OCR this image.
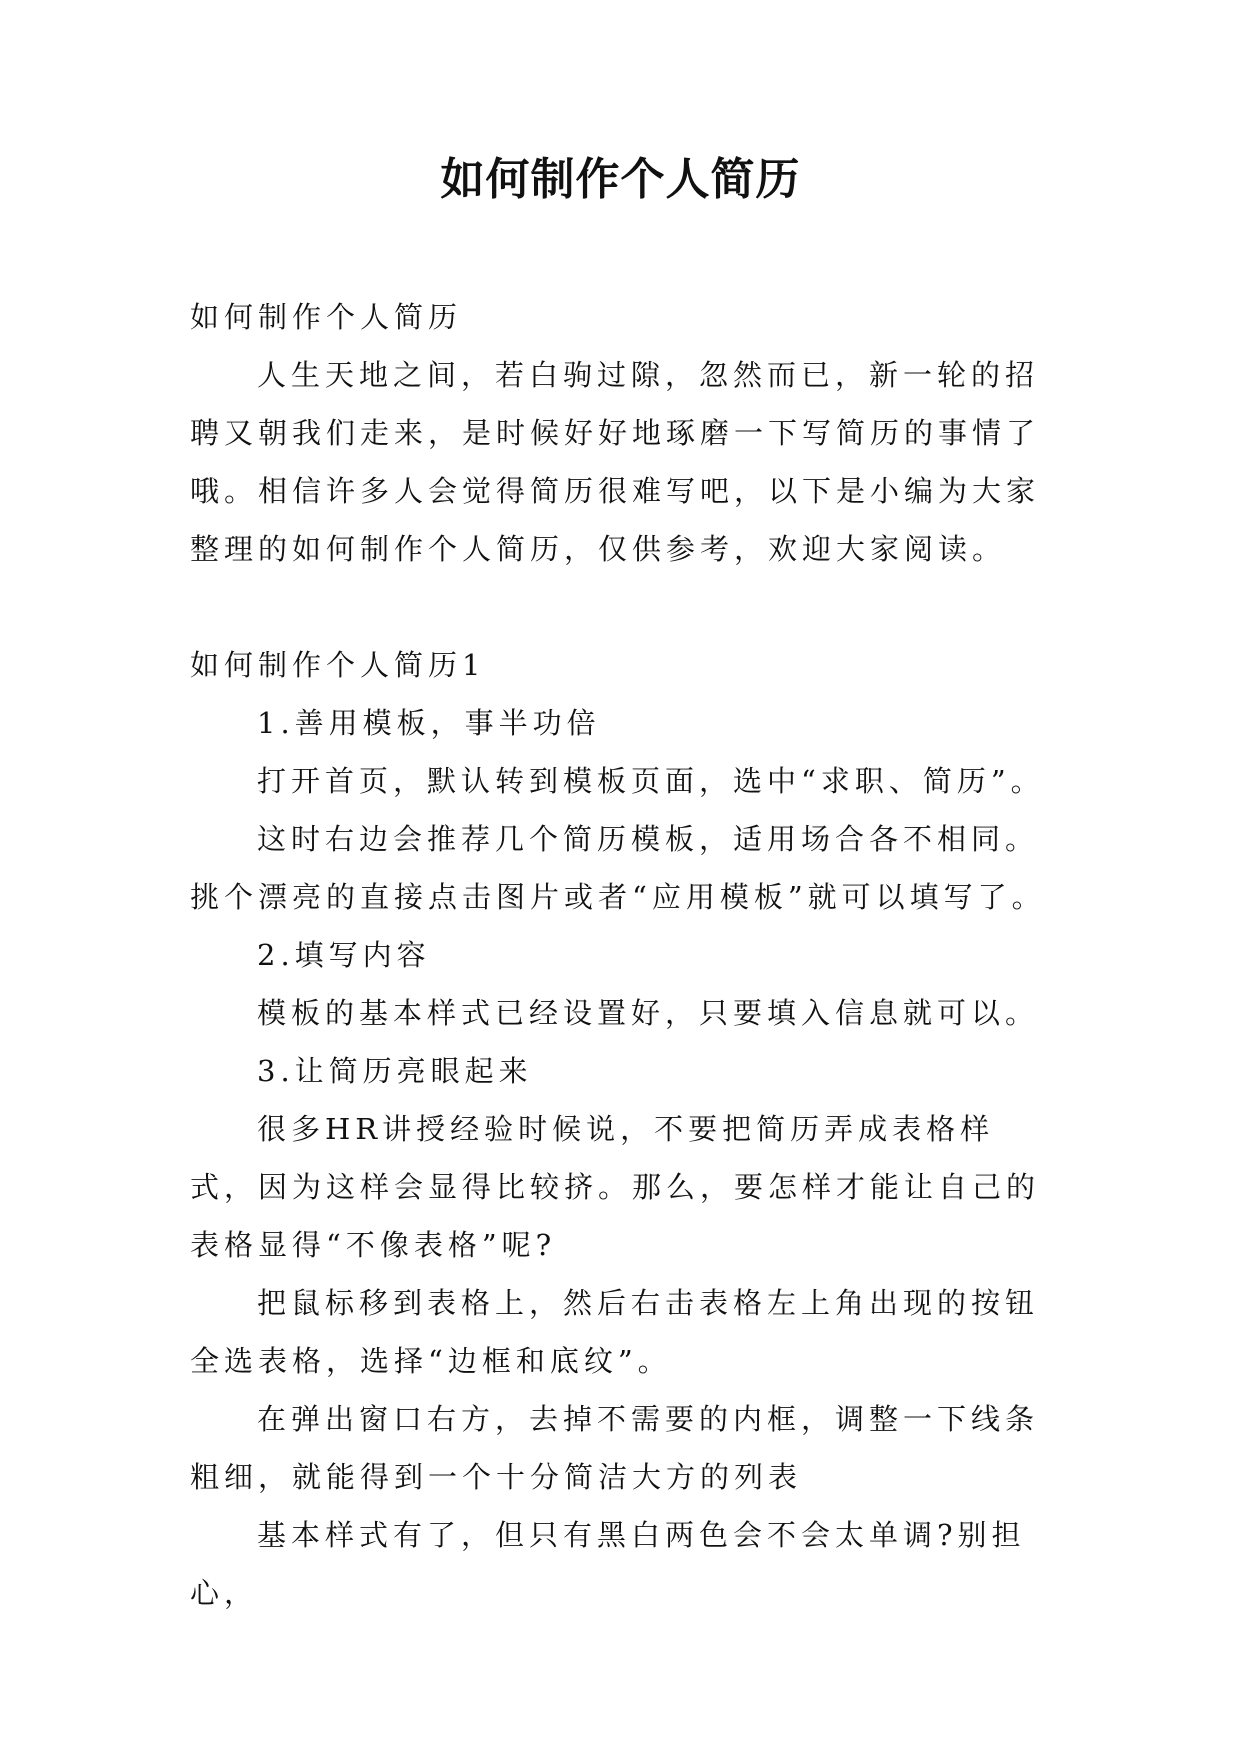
如何制作个人简历

如何制作个人简历

人生天地之间，若白驹过隙，忽然而已，新一轮的招聘又朝我们走来，是时候好好地琢磨一下写简历的事情了哦。相信许多人会觉得简历很难写吧，以下是小编为大家整理的如何制作个人简历，仅供参考，欢迎大家阅读。

如何制作个人简历1

1.善用模板，事半功倍

打开首页，默认转到模板页面，选中“求职、简历”。

这时右边会推荐几个简历模板，适用场合各不相同。挑个漂亮的直接点击图片或者“应用模板”就可以填写了。

2.填写内容

模板的基本样式已经设置好，只要填入信息就可以。

3.让简历亮眼起来

很多HR讲授经验时候说，不要把简历弄成表格样式，因为这样会显得比较挤。那么，要怎样才能让自己的表格显得“不像表格”呢?

把鼠标移到表格上，然后右击表格左上角出现的按钮全选表格，选择“边框和底纹”。

在弹出窗口右方，去掉不需要的内框，调整一下线条粗细，就能得到一个十分简洁大方的列表

基本样式有了，但只有黑白两色会不会太单调?别担心，
